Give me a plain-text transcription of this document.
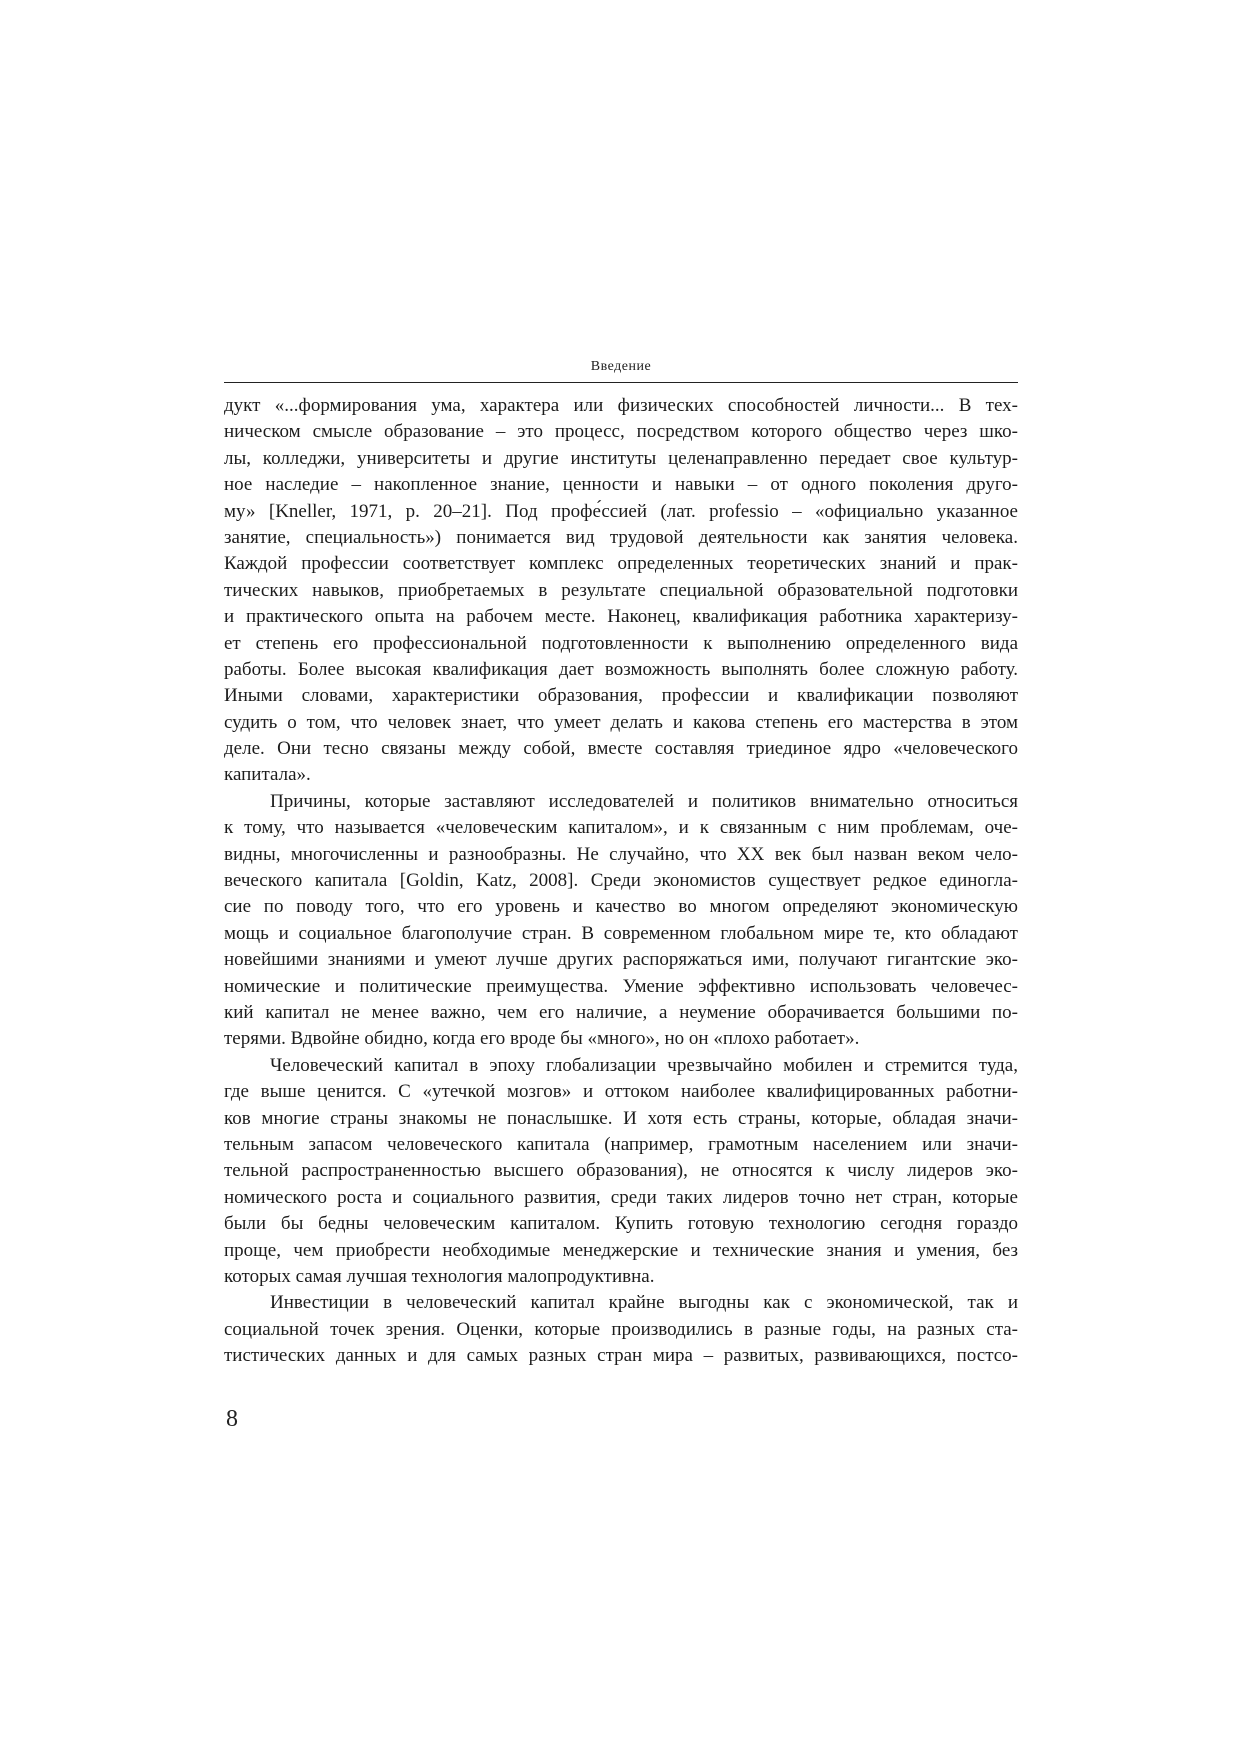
Введение
дукт «...формирования ума, характера или физических способностей личности... В тех-
ническом смысле образование – это процесс, посредством которого общество через шко-
лы, колледжи, университеты и другие институты целенаправленно передает свое культур-
ное наследие – накопленное знание, ценности и навыки – от одного поколения друго-
му» [Kneller, 1971, p. 20–21]. Под профе́ссией (лат. professio – «официально указанное
занятие, специальность») понимается вид трудовой деятельности как занятия человека.
Каждой профессии соответствует комплекс определенных теоретических знаний и прак-
тических навыков, приобретаемых в результате специальной образовательной подготовки
и практического опыта на рабочем месте. Наконец, квалификация работника характеризу-
ет степень его профессиональной подготовленности к выполнению определенного вида
работы. Более высокая квалификация дает возможность выполнять более сложную работу.
Иными словами, характеристики образования, профессии и квалификации позволяют
судить о том, что человек знает, что умеет делать и какова степень его мастерства в этом
деле. Они тесно связаны между собой, вместе составляя триединое ядро «человеческого
капитала».
Причины, которые заставляют исследователей и политиков внимательно относиться
к тому, что называется «человеческим капиталом», и к связанным с ним проблемам, оче-
видны, многочисленны и разнообразны. Не случайно, что XX век был назван веком чело-
веческого капитала [Goldin, Katz, 2008]. Среди экономистов существует редкое единогла-
сие по поводу того, что его уровень и качество во многом определяют экономическую
мощь и социальное благополучие стран. В современном глобальном мире те, кто обладают
новейшими знаниями и умеют лучше других распоряжаться ими, получают гигантские эко-
номические и политические преимущества. Умение эффективно использовать человечес-
кий капитал не менее важно, чем его наличие, а неумение оборачивается большими по-
терями. Вдвойне обидно, когда его вроде бы «много», но он «плохо работает».
Человеческий капитал в эпоху глобализации чрезвычайно мобилен и стремится туда,
где выше ценится. С «утечкой мозгов» и оттоком наиболее квалифицированных работни-
ков многие страны знакомы не понаслышке. И хотя есть страны, которые, обладая значи-
тельным запасом человеческого капитала (например, грамотным населением или значи-
тельной распространенностью высшего образования), не относятся к числу лидеров эко-
номического роста и социального развития, среди таких лидеров точно нет стран, которые
были бы бедны человеческим капиталом. Купить готовую технологию сегодня гораздо
проще, чем приобрести необходимые менеджерские и технические знания и умения, без
которых самая лучшая технология малопродуктивна.
Инвестиции в человеческий капитал крайне выгодны как с экономической, так и
социальной точек зрения. Оценки, которые производились в разные годы, на разных ста-
тистических данных и для самых разных стран мира – развитых, развивающихся, постсо-
8
